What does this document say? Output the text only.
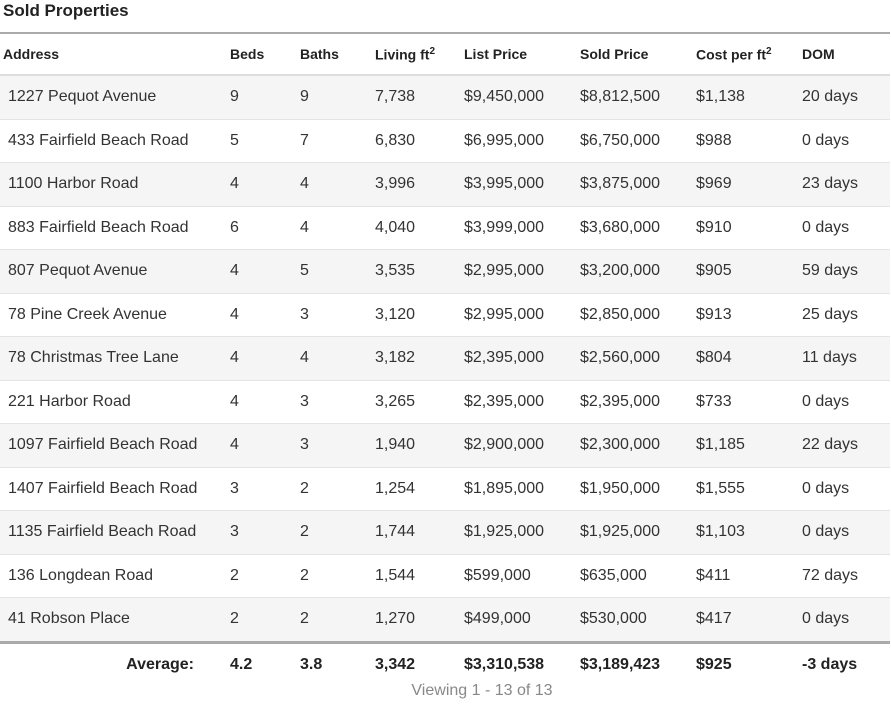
Sold Properties
Address	Beds	Baths	Living $ft^2$	List Price	Sold Price	Cost per $ft^2$	DOM
1227 Pequot Avenue	9	9	7,738	$9,450,000	$8,812,500	$1,138	20 days
433 Fairfield Beach Road	5	7	6,830	$6,995,000	$6,750,000	$988	0 days
1100 Harbor Road	4	4	3,996	$3,995,000	$3,875,000	$969	23 days
883 Fairfield Beach Road	6	4	4,040	$3,999,000	$3,680,000	$910	0 days
807 Pequot Avenue	4	5	3,535	$2,995,000	$3,200,000	$905	59 days
78 Pine Creek Avenue	4	3	3,120	$2,995,000	$2,850,000	$913	25 days
78 Christmas Tree Lane	4	4	3,182	$2,395,000	$2,560,000	$804	11 days
221 Harbor Road	4	3	3,265	$2,395,000	$2,395,000	$733	0 days
1097 Fairfield Beach Road	4	3	1,940	$2,900,000	$2,300,000	$1,185	22 days
1407 Fairfield Beach Road	3	2	1,254	$1,895,000	$1,950,000	$1,555	0 days
1135 Fairfield Beach Road	3	2	1,744	$1,925,000	$1,925,000	$1,103	0 days
136 Longdean Road	2	2	1,544	$599,000	$635,000	$411	72 days
41 Robson Place	2	2	1,270	$499,000	$530,000	$417	0 days
Average:	4.2	3.8	3,342	$3,310,538	$3,189,423	$925	-3 days
Viewing 1 - 13 of 13
